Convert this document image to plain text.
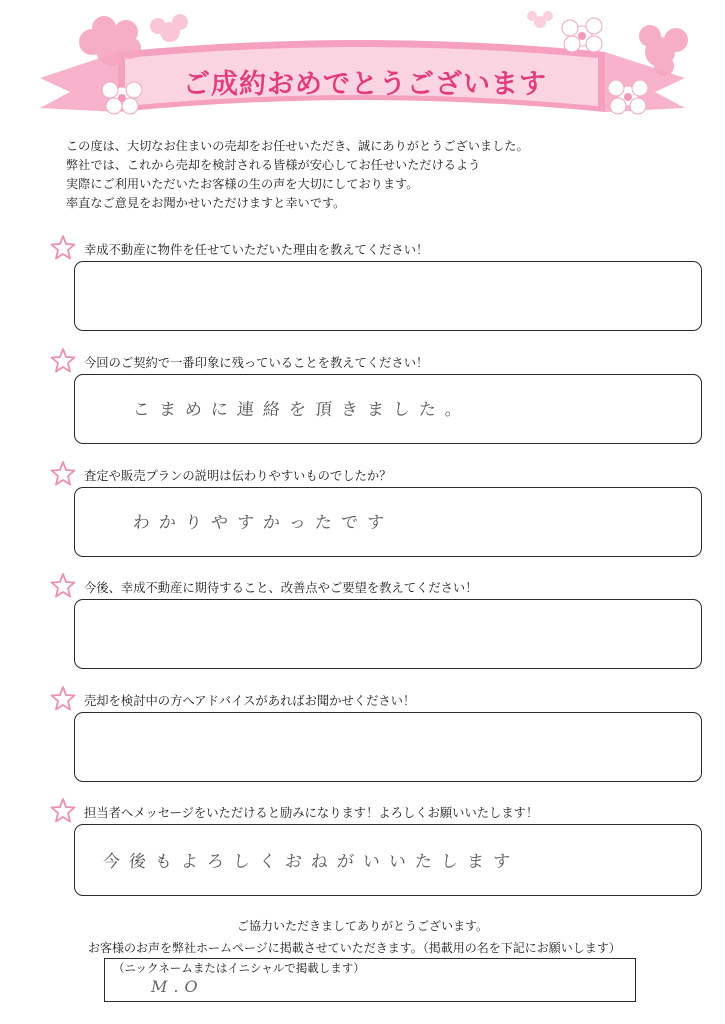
ご成約おめでとうございます
この度は、大切なお住まいの売却をお任せいただき、誠にありがとうございました。
弊社では、これから売却を検討される皆様が安心してお任せいただけるよう
実際にご利用いただいたお客様の生の声を大切にしております。
率直なご意見をお聞かせいただけますと幸いです。
幸成不動産に物件を任せていただいた理由を教えてください！
今回のご契約で一番印象に残っていることを教えてください！
こまめに連絡を頂きました。
査定や販売プランの説明は伝わりやすいものでしたか？
わかりやすかったです
今後、幸成不動産に期待すること、改善点やご要望を教えてください！
売却を検討中の方へアドバイスがあればお聞かせください！
担当者へメッセージをいただけると励みになります！よろしくお願いいたします！
今後もよろしくおねがいいたします
ご協力いただきましてありがとうございます。
お客様のお声を弊社ホームページに掲載させていただきます。（掲載用の名を下記にお願いします）
（ニックネームまたはイニシャルで掲載します）
M.O
